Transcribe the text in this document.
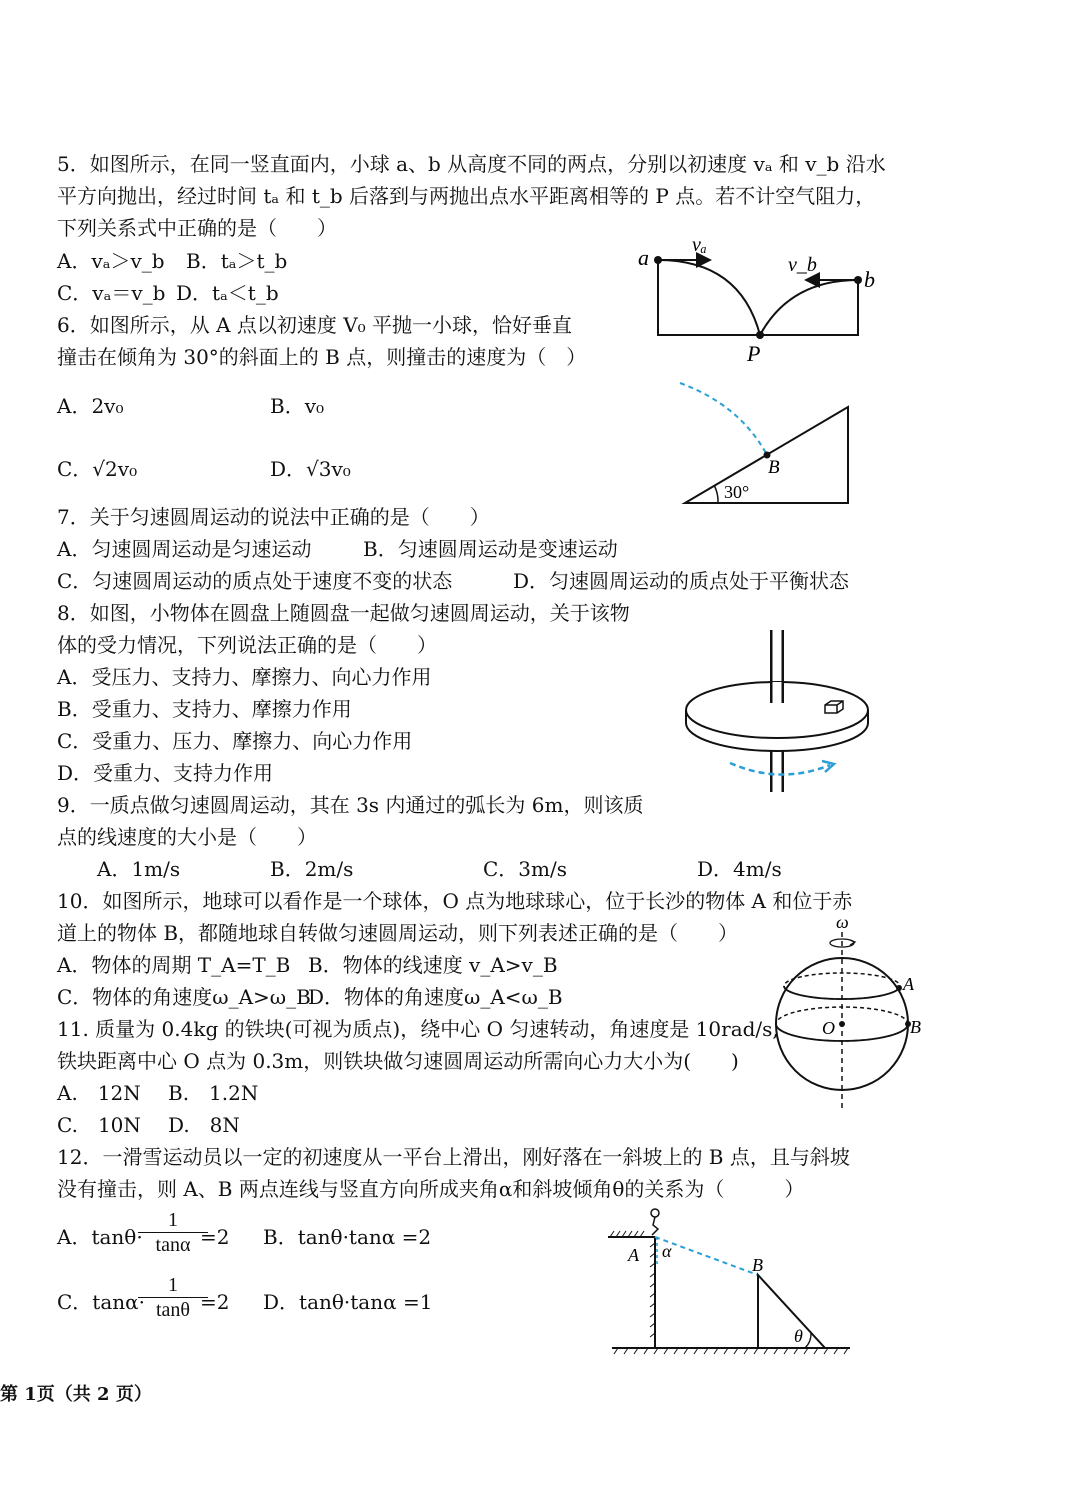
5．如图所示，在同一竖直面内，小球 a、b 从高度不同的两点，分别以初速度 vₐ 和 v_b 沿水
平方向抛出，经过时间 tₐ 和 t_b 后落到与两抛出点水平距离相等的 P 点。若不计空气阻力，
下列关系式中正确的是（　　）
A．vₐ＞v_b B．tₐ＞t_b
C．vₐ＝v_b D．tₐ＜t_b
a
b
vₐ
v_b
P
6．如图所示，从 A 点以初速度 V₀ 平抛一小球，恰好垂直
撞击在倾角为 30°的斜面上的 B 点，则撞击的速度为（　）
A．2v₀	B．v₀
C．√2v₀	D．√3v₀	B
30°
7．关于匀速圆周运动的说法中正确的是（　　）
A．匀速圆周运动是匀速运动	B．匀速圆周运动是变速运动
C．匀速圆周运动的质点处于速度不变的状态	D．匀速圆周运动的质点处于平衡状态
8．如图，小物体在圆盘上随圆盘一起做匀速圆周运动，关于该物
体的受力情况，下列说法正确的是（　　）
A．受压力、支持力、摩擦力、向心力作用
B．受重力、支持力、摩擦力作用
C．受重力、压力、摩擦力、向心力作用
D．受重力、支持力作用
9．一质点做匀速圆周运动，其在 3s 内通过的弧长为 6m，则该质
点的线速度的大小是（　　）
A．1m/s	B．2m/s	C．3m/s	D．4m/s
10．如图所示，地球可以看作是一个球体，O 点为地球球心，位于长沙的物体 A 和位于赤
道上的物体 B，都随地球自转做匀速圆周运动，则下列表述正确的是（　　）
A．物体的周期 T_A=T_B B．物体的线速度 v_A>v_B
C．物体的角速度ω_A>ω_B
D．物体的角速度ω_A<ω_B
ω
A
B
O
11. 质量为 0.4kg 的铁块(可视为质点)，绕中心 O 匀速转动，角速度是 10rad/s,
铁块距离中心 O 点为 0.3m，则铁块做匀速圆周运动所需向心力大小为(　　)
A.　12N B.　1.2N
C.　10N D.　8N
12．一滑雪运动员以一定的初速度从一平台上滑出，刚好落在一斜坡上的 B 点，且与斜坡
没有撞击，则 A、B 两点连线与竖直方向所成夹角α和斜坡倾角θ的关系为（　　　）
A．tanθ·
$\frac{1}{\tan\alpha}$
=2 B．tanθ·tanα =2
C．tanα·
$\frac{1}{\tan\theta}$
=2 D．tanθ·tanα =1
A	B
α
θ
第 1页（共 2 页）
